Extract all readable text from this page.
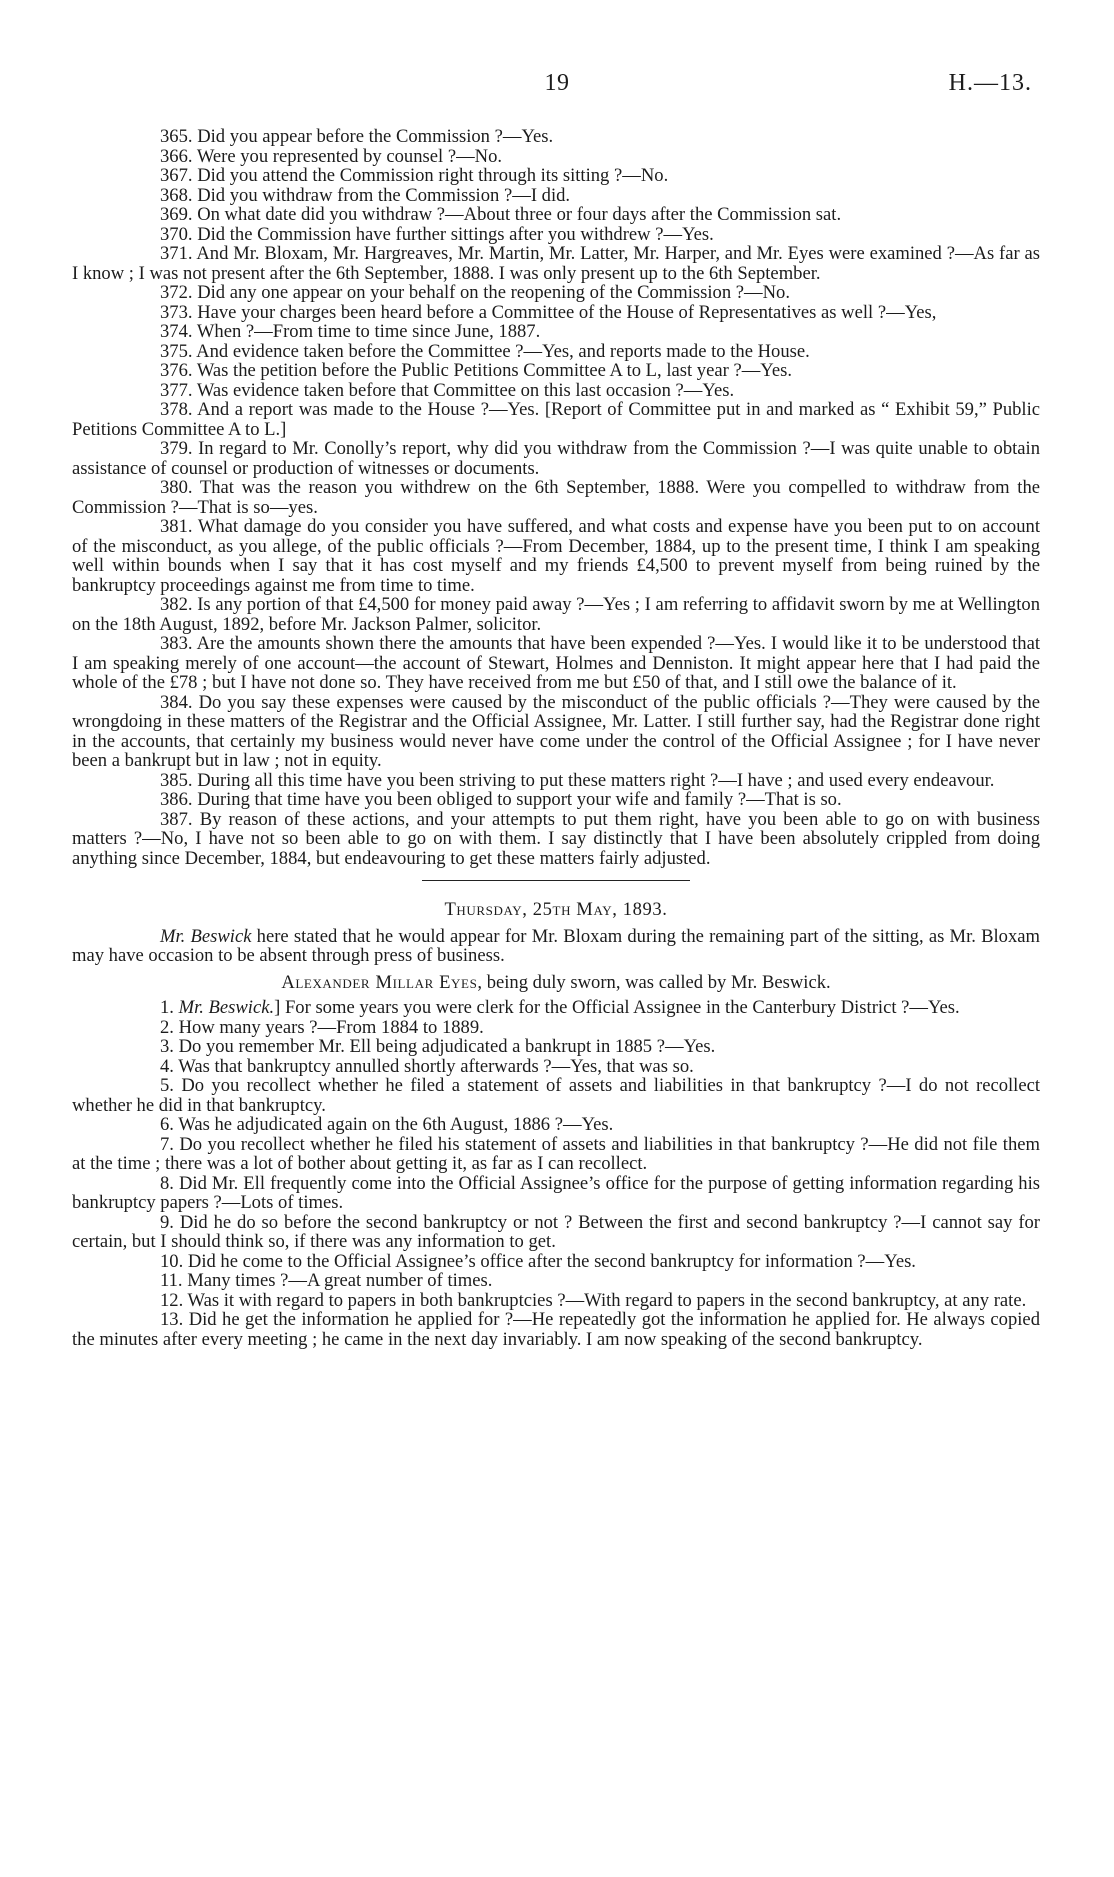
19	H.—13.

365. Did you appear before the Commission ?—Yes.

366. Were you represented by counsel ?—No.

367. Did you attend the Commission right through its sitting ?—No.

368. Did you withdraw from the Commission ?—I did.

369. On what date did you withdraw ?—About three or four days after the Commission sat.

370. Did the Commission have further sittings after you withdrew ?—Yes.

371. And Mr. Bloxam, Mr. Hargreaves, Mr. Martin, Mr. Latter, Mr. Harper, and Mr. Eyes were examined ?—As far as I know ; I was not present after the 6th September, 1888. I was only present up to the 6th September.

372. Did any one appear on your behalf on the reopening of the Commission ?—No.

373. Have your charges been heard before a Committee of the House of Representatives as well ?—Yes,

374. When ?—From time to time since June, 1887.

375. And evidence taken before the Committee ?—Yes, and reports made to the House.

376. Was the petition before the Public Petitions Committee A to L, last year ?—Yes.

377. Was evidence taken before that Committee on this last occasion ?—Yes.

378. And a report was made to the House ?—Yes. [Report of Committee put in and marked as “ Exhibit 59,” Public Petitions Committee A to L.]

379. In regard to Mr. Conolly’s report, why did you withdraw from the Commission ?—I was quite unable to obtain assistance of counsel or production of witnesses or documents.

380. That was the reason you withdrew on the 6th September, 1888. Were you compelled to withdraw from the Commission ?—That is so—yes.

381. What damage do you consider you have suffered, and what costs and expense have you been put to on account of the misconduct, as you allege, of the public officials ?—From December, 1884, up to the present time, I think I am speaking well within bounds when I say that it has cost myself and my friends £4,500 to prevent myself from being ruined by the bankruptcy proceedings against me from time to time.

382. Is any portion of that £4,500 for money paid away ?—Yes ; I am referring to affidavit sworn by me at Wellington on the 18th August, 1892, before Mr. Jackson Palmer, solicitor.

383. Are the amounts shown there the amounts that have been expended ?—Yes. I would like it to be understood that I am speaking merely of one account—the account of Stewart, Holmes and Denniston. It might appear here that I had paid the whole of the £78 ; but I have not done so. They have received from me but £50 of that, and I still owe the balance of it.

384. Do you say these expenses were caused by the misconduct of the public officials ?—They were caused by the wrongdoing in these matters of the Registrar and the Official Assignee, Mr. Latter. I still further say, had the Registrar done right in the accounts, that certainly my business would never have come under the control of the Official Assignee ; for I have never been a bankrupt but in law ; not in equity.

385. During all this time have you been striving to put these matters right ?—I have ; and used every endeavour.

386. During that time have you been obliged to support your wife and family ?—That is so.

387. By reason of these actions, and your attempts to put them right, have you been able to go on with business matters ?—No, I have not so been able to go on with them. I say distinctly that I have been absolutely crippled from doing anything since December, 1884, but endeavouring to get these matters fairly adjusted.

Thursday, 25th May, 1893.

Mr. Beswick here stated that he would appear for Mr. Bloxam during the remaining part of the sitting, as Mr. Bloxam may have occasion to be absent through press of business.

Alexander Millar Eyes, being duly sworn, was called by Mr. Beswick.

1. Mr. Beswick.] For some years you were clerk for the Official Assignee in the Canterbury District ?—Yes.

2. How many years ?—From 1884 to 1889.

3. Do you remember Mr. Ell being adjudicated a bankrupt in 1885 ?—Yes.

4. Was that bankruptcy annulled shortly afterwards ?—Yes, that was so.

5. Do you recollect whether he filed a statement of assets and liabilities in that bankruptcy ?—I do not recollect whether he did in that bankruptcy.

6. Was he adjudicated again on the 6th August, 1886 ?—Yes.

7. Do you recollect whether he filed his statement of assets and liabilities in that bankruptcy ?—He did not file them at the time ; there was a lot of bother about getting it, as far as I can recollect.

8. Did Mr. Ell frequently come into the Official Assignee’s office for the purpose of getting information regarding his bankruptcy papers ?—Lots of times.

9. Did he do so before the second bankruptcy or not ? Between the first and second bankruptcy ?—I cannot say for certain, but I should think so, if there was any information to get.

10. Did he come to the Official Assignee’s office after the second bankruptcy for information ?—Yes.

11. Many times ?—A great number of times.

12. Was it with regard to papers in both bankruptcies ?—With regard to papers in the second bankruptcy, at any rate.

13. Did he get the information he applied for ?—He repeatedly got the information he applied for. He always copied the minutes after every meeting ; he came in the next day invariably. I am now speaking of the second bankruptcy.
